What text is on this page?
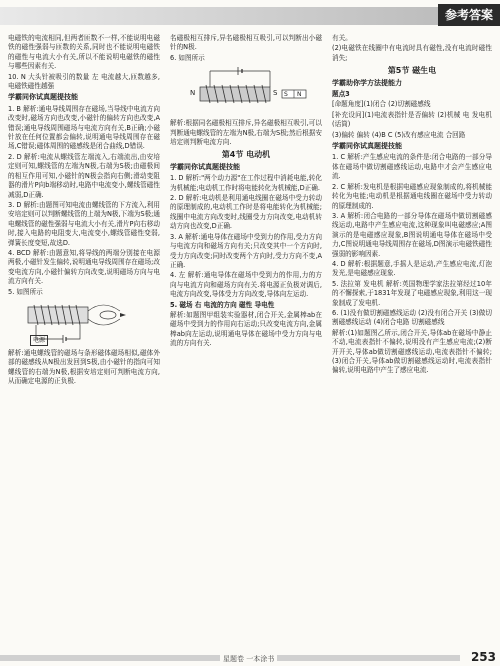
参考答案

电磁铁的电流相同,但两者匝数不一样,不能说明电磁铁的磁性强弱与匝数的关系,同时也不能说明电磁铁的磁性与电流大小有关,所以不能说明电磁铁的磁性与哪些因素有关.

10. N 大头针被吸引的数量 左 电流越大,匝数越多,电磁铁磁性越强

学霸同你试真题提技能

1. B 解析:通电导线周围存在磁场,当导线中电流方向改变时,磁场方向也改变,小磁针的偏转方向也改变,A错误;通电导线周围磁场与电流方向有关,B正确;小磁针放在任何位置都会偏转,说明通电导线周围存在磁场,C错误;磁体周围的磁感线是闭合曲线,D错误.

2. D 解析:电流从螺线管左端流入,右端流出,由安培定则可知,螺线管的左端为N极,右端为S极;由磁极间的相互作用可知,小磁针的N极会指向右侧;滑动变阻器的滑片P向b端移动时,电路中电流变小,螺线管磁性减弱,D正确.

3. D 解析:由题图可知电流由螺线管的下方流入,利用安培定则可以判断螺线管的上端为N极,下端为S极;通电螺线管的磁性强弱与电流大小有关,滑片P向右移动时,接入电路的电阻变大,电流变小,螺线管磁性变弱,弹簧长度变短,故选D.

4. BCD 解析:由题意知,将导线的两端分别接在电源两极,小磁针发生偏转,说明通电导线周围存在磁场;改变电流方向,小磁针偏转方向改变,说明磁场方向与电流方向有关.

5. 如图所示

电源

解析:通电螺线管的磁场与条形磁体磁场相似,磁体外部的磁感线从N极出发回到S极,由小磁针的指向可知螺线管的右端为N极,根据安培定则可判断电流方向,从而确定电源的正负极.

名磁极相互排斥,异名磁极相互吸引,可以判断出小磁针的N极.

6. 如图所示

N	S S N

解析:根据同名磁极相互排斥,异名磁极相互吸引,可以判断通电螺线管的左端为N极,右端为S极;然后根据安培定则判断电流方向.

第4节 电动机
学霸同你试真题提技能

1. D 解析:"两个动力源"在工作过程中消耗电能,转化为机械能;电动机工作时将电能转化为机械能,D正确.

2. D 解析:电动机是利用通电线圈在磁场中受力转动的原理制成的,电动机工作时是将电能转化为机械能;线圈中电流方向改变时,线圈受力方向改变,电动机转动方向也改变,D正确.

3. A 解析:通电导体在磁场中受到力的作用,受力方向与电流方向和磁场方向有关;只改变其中一个方向时,受力方向改变;同时改变两个方向时,受力方向不变,A正确.

4. 左 解析:通电导体在磁场中受到力的作用,力的方向与电流方向和磁场方向有关.将电源正负极对调后,电流方向改变,导体受力方向改变,导体向左运动.

5. 磁场 右 电流的方向 磁性 导电性

解析:如题图甲组装实验器材,闭合开关,金属棒ab在磁场中受到力的作用向右运动;只改变电流方向,金属棒ab向左运动,说明通电导体在磁场中受力方向与电流的方向有关.

有关。

(2)电磁铁在线圈中有电流时具有磁性,没有电流时磁性消失;

第5节 磁生电
学霸助你学方法提能力

题点3

[命题角度](1)闭合 (2)切割磁感线

[补充设问](1)电流表指针是否偏转 (2)机械 电 发电机(话筒)

(3)偏转 偏转 (4)B C (5)改有感应电流 合回路

学霸同你试真题提技能

1. C 解析:产生感应电流的条件是:闭合电路的一部分导体在磁场中做切割磁感线运动,电路中才会产生感应电流.

2. C 解析:发电机是根据电磁感应现象制成的,将机械能转化为电能;电动机是根据通电线圈在磁场中受力转动的原理制成的.

3. A 解析:闭合电路的一部分导体在磁场中做切割磁感线运动,电路中产生感应电流,这种现象叫电磁感应;A图演示的是电磁感应现象,B图说明通电导体在磁场中受力,C图说明通电导线周围存在磁场,D图演示电磁铁磁性强弱的影响因素.

4. D 解析:根据题意,手摇人是运动,产生感应电流,灯泡发光,是电磁感应现象.

5. 法拉第 发电机 解析:英国物理学家法拉第经过10年的不懈探索,于1831年发现了电磁感应现象,利用这一现象制成了发电机.

6. (1)没有做切割磁感线运动 (2)没有闭合开关 (3)做切割磁感线运动 (4)闭合电路 切割磁感线

解析:(1)如题图乙所示,闭合开关,导体ab在磁场中静止不动,电流表指针不偏转,说明没有产生感应电流;(2)断开开关,导体ab做切割磁感线运动,电流表指针不偏转;(3)闭合开关,导体ab做切割磁感线运动时,电流表指针偏转,说明电路中产生了感应电流.

星题卷 一本涂书	253
